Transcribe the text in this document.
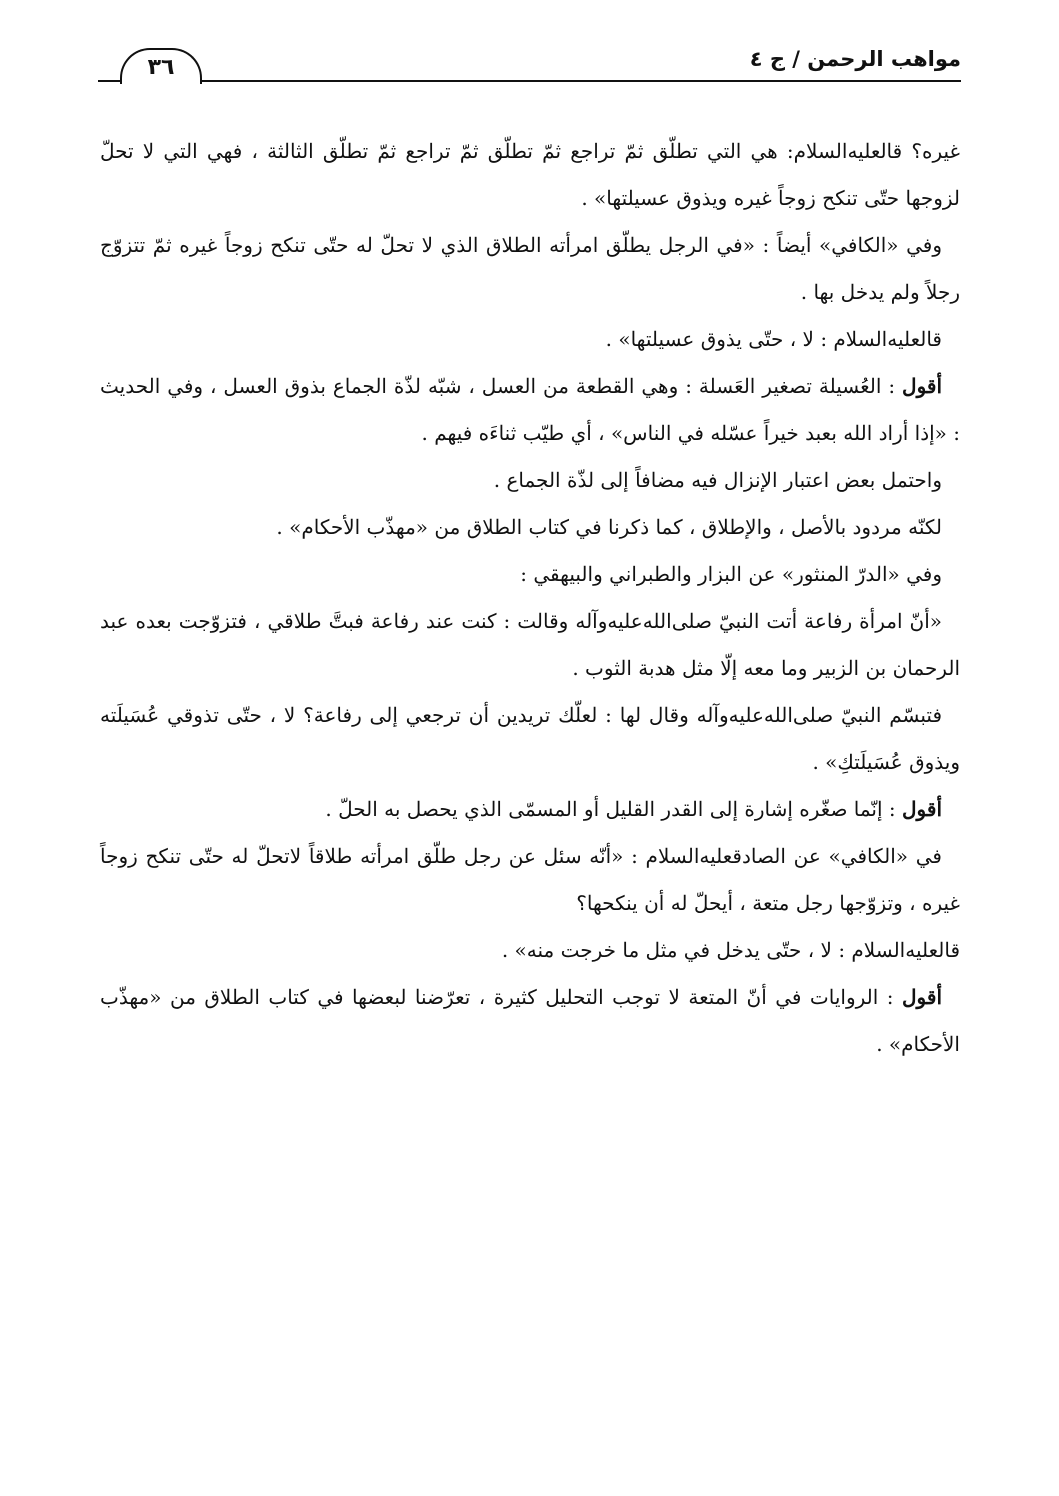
مواهب الرحمن / ج ٤
٣٦

غيره؟ قالعليه‌السلام: هي التي تطلّق ثمّ تراجع ثمّ تطلّق ثمّ تراجع ثمّ تطلّق الثالثة ، فهي التي لا تحلّ لزوجها حتّى تنكح زوجاً غيره ويذوق عسيلتها» .

وفي «الكافي» أيضاً : «في الرجل يطلّق امرأته الطلاق الذي لا تحلّ له حتّى تنكح زوجاً غيره ثمّ تتزوّج رجلاً ولم يدخل بها .

قالعليه‌السلام : لا ، حتّى يذوق عسيلتها» .

أقول : العُسيلة تصغير العَسلة : وهي القطعة من العسل ، شبّه لذّة الجماع بذوق العسل ، وفي الحديث : «إذا أراد الله بعبد خيراً عسّله في الناس» ، أي طيّب ثناءَه فيهم .

واحتمل بعض اعتبار الإنزال فيه مضافاً إلى لذّة الجماع .

لكنّه مردود بالأصل ، والإطلاق ، كما ذكرنا في كتاب الطلاق من «مهذّب الأحكام» .

وفي «الدرّ المنثور» عن البزار والطبراني والبيهقي :

«أنّ امرأة رفاعة أتت النبيّ صلى‌الله‌عليه‌وآله وقالت : كنت عند رفاعة فبتَّ طلاقي ، فتزوّجت بعده عبد الرحمان بن الزبير وما معه إلّا مثل هدبة الثوب .

فتبسّم النبيّ صلى‌الله‌عليه‌وآله وقال لها : لعلّك تريدين أن ترجعي إلى رفاعة؟ لا ، حتّى تذوقي عُسَيلَته ويذوق عُسَيلَتكِ» .

أقول : إنّما صغّره إشارة إلى القدر القليل أو المسمّى الذي يحصل به الحلّ .

في «الكافي» عن الصادقعليه‌السلام : «أنّه سئل عن رجل طلّق امرأته طلاقاً لاتحلّ له حتّى تنكح زوجاً غيره ، وتزوّجها رجل متعة ، أيحلّ له أن ينكحها؟

قالعليه‌السلام : لا ، حتّى يدخل في مثل ما خرجت منه» .

أقول : الروايات في أنّ المتعة لا توجب التحليل كثيرة ، تعرّضنا لبعضها في كتاب الطلاق من «مهذّب الأحكام» .
